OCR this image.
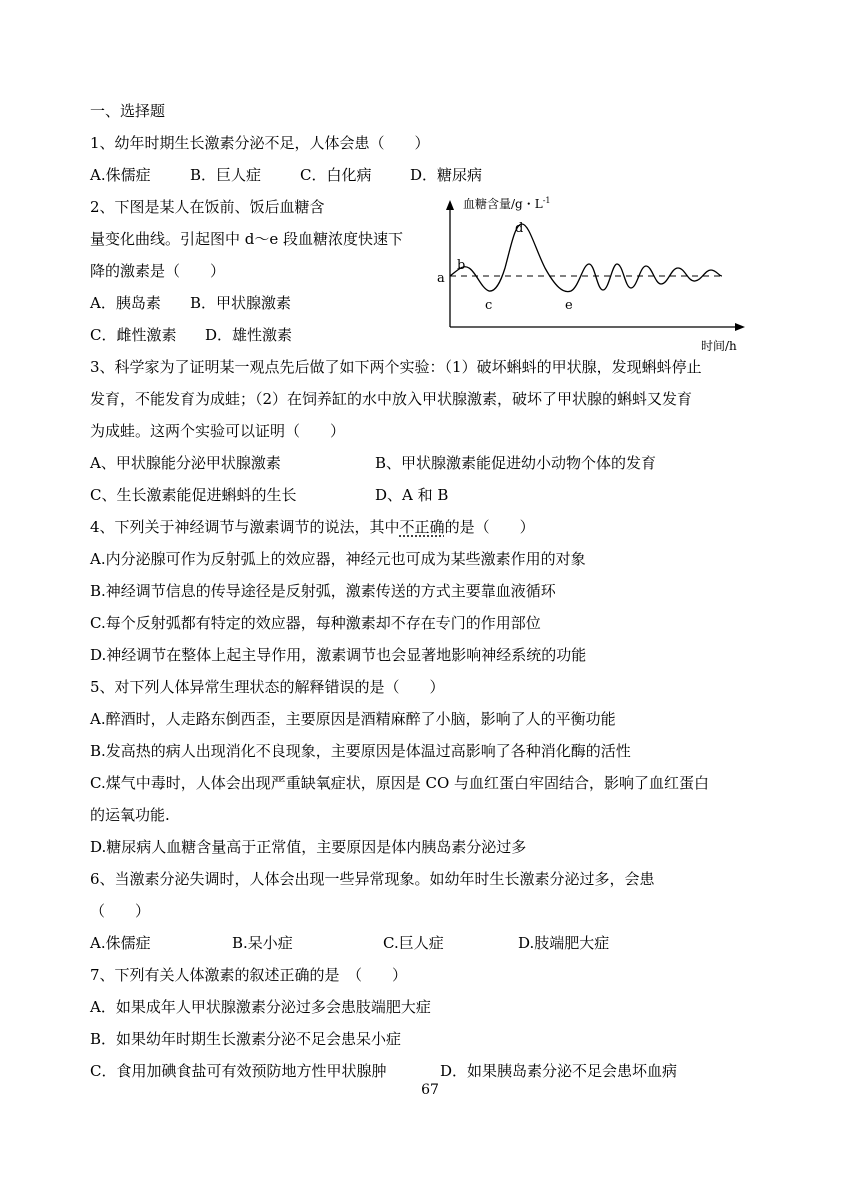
一、选择题
1、幼年时期生长激素分泌不足，人体会患（　　）
A.侏儒症	B．巨人症	C．白化病	D．糖尿病
2、下图是某人在饭前、饭后血糖含
量变化曲线。引起图中 d～e 段血糖浓度快速下
降的激素是（　　）
A．胰岛素 B．甲状腺激素
C．雌性激素 D．雄性激素
血糖含量/g・$L^{-1}$
a
b
c
d
e
时间/h
3、科学家为了证明某一观点先后做了如下两个实验：（1）破坏蝌蚪的甲状腺，发现蝌蚪停止
发育，不能发育为成蛙；（2）在饲养缸的水中放入甲状腺激素，破坏了甲状腺的蝌蚪又发育
为成蛙。这两个实验可以证明（　　）
A、甲状腺能分泌甲状腺激素	B、甲状腺激素能促进幼小动物个体的发育
C、生长激素能促进蝌蚪的生长	D、A 和 B
4、下列关于神经调节与激素调节的说法，其中不正确的是（　　）
A.内分泌腺可作为反射弧上的效应器，神经元也可成为某些激素作用的对象
B.神经调节信息的传导途径是反射弧，激素传送的方式主要靠血液循环
C.每个反射弧都有特定的效应器，每种激素却不存在专门的作用部位
D.神经调节在整体上起主导作用，激素调节也会显著地影响神经系统的功能
5、对下列人体异常生理状态的解释错误的是（　　）
A.醉酒时，人走路东倒西歪，主要原因是酒精麻醉了小脑，影响了人的平衡功能
B.发高热的病人出现消化不良现象，主要原因是体温过高影响了各种消化酶的活性
C.煤气中毒时，人体会出现严重缺氧症状，原因是 CO 与血红蛋白牢固结合，影响了血红蛋白
的运氧功能.
D.糖尿病人血糖含量高于正常值，主要原因是体内胰岛素分泌过多
6、当激素分泌失调时，人体会出现一些异常现象。如幼年时生长激素分泌过多，会患
（　　）
A.侏儒症	B.呆小症	C.巨人症	D.肢端肥大症
7、下列有关人体激素的叙述正确的是　（　　）
A．如果成年人甲状腺激素分泌过多会患肢端肥大症
B．如果幼年时期生长激素分泌不足会患呆小症
C．食用加碘食盐可有效预防地方性甲状腺肿	D．如果胰岛素分泌不足会患坏血病
67
